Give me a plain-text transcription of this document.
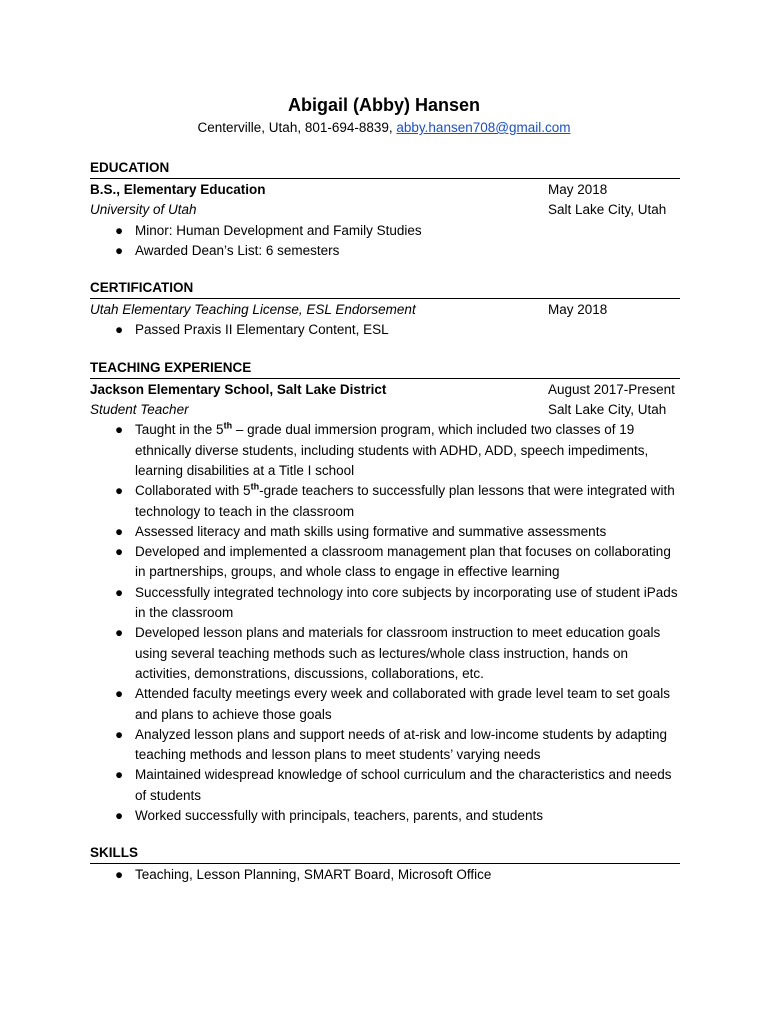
Abigail (Abby) Hansen
Centerville, Utah, 801-694-8839, abby.hansen708@gmail.com
EDUCATION
B.S., Elementary Education	May 2018
University of Utah	Salt Lake City, Utah
● Minor: Human Development and Family Studies
● Awarded Dean’s List: 6 semesters
CERTIFICATION
Utah Elementary Teaching License, ESL Endorsement	May 2018
● Passed Praxis II Elementary Content, ESL
TEACHING EXPERIENCE
Jackson Elementary School, Salt Lake District	August 2017-Present
Student Teacher	Salt Lake City, Utah
● Taught in the 5th – grade dual immersion program, which included two classes of 19 ethnically diverse students, including students with ADHD, ADD, speech impediments, learning disabilities at a Title I school
● Collaborated with 5th-grade teachers to successfully plan lessons that were integrated with technology to teach in the classroom
● Assessed literacy and math skills using formative and summative assessments
● Developed and implemented a classroom management plan that focuses on collaborating in partnerships, groups, and whole class to engage in effective learning
● Successfully integrated technology into core subjects by incorporating use of student iPads in the classroom
● Developed lesson plans and materials for classroom instruction to meet education goals using several teaching methods such as lectures/whole class instruction, hands on activities, demonstrations, discussions, collaborations, etc.
● Attended faculty meetings every week and collaborated with grade level team to set goals and plans to achieve those goals
● Analyzed lesson plans and support needs of at-risk and low-income students by adapting teaching methods and lesson plans to meet students’ varying needs
● Maintained widespread knowledge of school curriculum and the characteristics and needs of students
● Worked successfully with principals, teachers, parents, and students
SKILLS
● Teaching, Lesson Planning, SMART Board, Microsoft Office
